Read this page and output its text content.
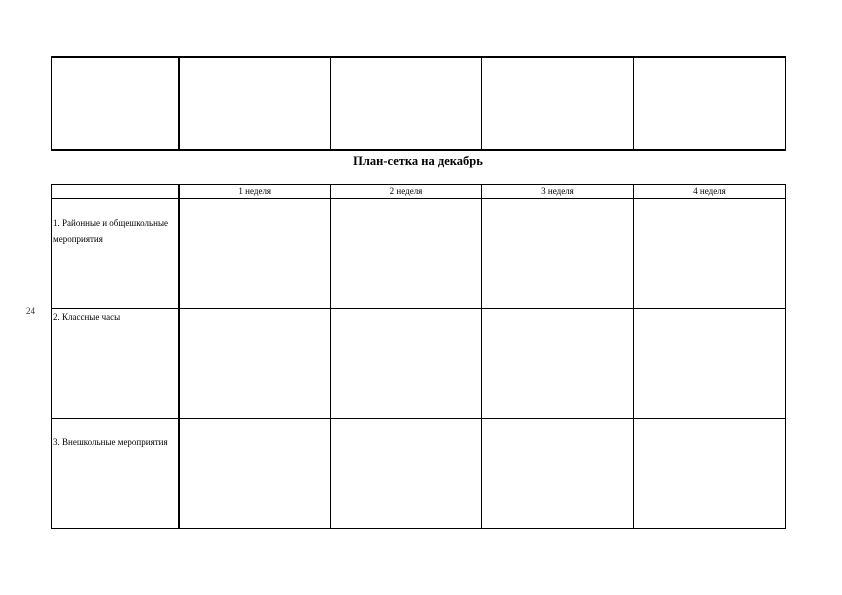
План-сетка на декабрь
24
	1 неделя	2 неделя	3 неделя	4 неделя

1. Районные и общешкольные мероприятия				

2. Классные часы				

3. Внешкольные мероприятия				
